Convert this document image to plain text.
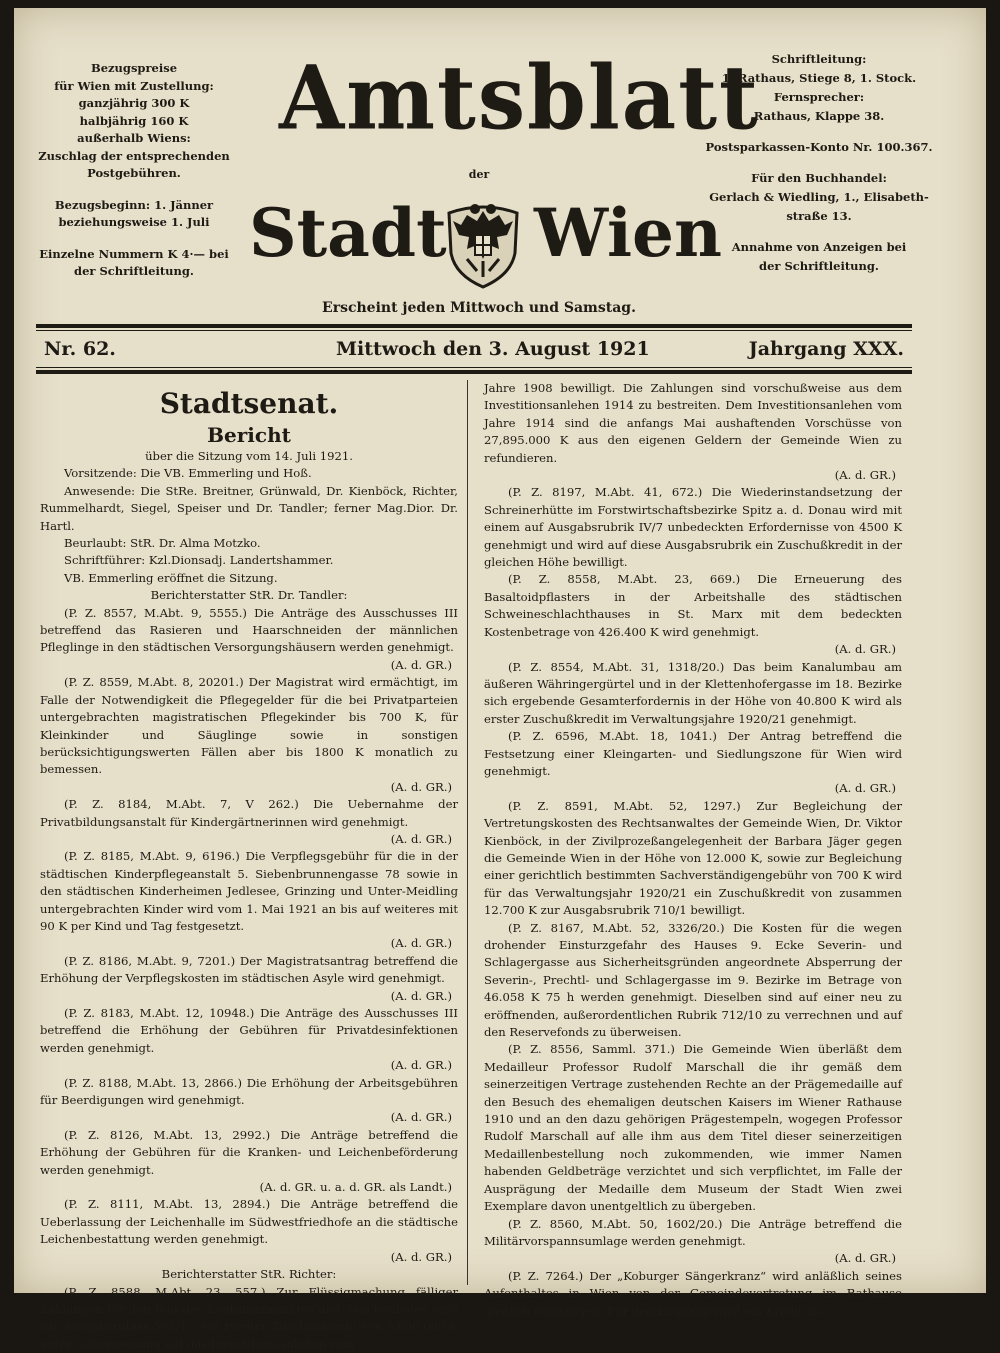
Bezugspreise

für Wien mit Zustellung:

ganzjährig 300 K

halbjährig 160 K

außerhalb Wiens:

Zuschlag der entsprechenden

Postgebühren.

Bezugsbeginn: 1. Jänner

beziehungsweise 1. Juli

Einzelne Nummern K 4·— bei

der Schriftleitung.

Amtsblatt
der
Stadt Wien
Erscheint jeden Mittwoch und Samstag.

Schriftleitung:

1. Rathaus, Stiege 8, 1. Stock.

Fernsprecher:

Rathaus, Klappe 38.

Postsparkassen-Konto Nr. 100.367.

Für den Buchhandel:

Gerlach & Wiedling, 1., Elisabeth-

straße 13.

Annahme von Anzeigen bei

der Schriftleitung.

Nr. 62.	Mittwoch den 3. August 1921	Jahrgang XXX.

Stadtsenat.

Bericht

über die Sitzung vom 14. Juli 1921.

Vorsitzende: Die VB. Emmerling und Hoß.

Anwesende: Die StRe. Breitner, Grünwald, Dr. Kienböck, Richter, Rummelhardt, Siegel, Speiser und Dr. Tandler; ferner Mag.Dior. Dr. Hartl.

Beurlaubt: StR. Dr. Alma Motzko.

Schriftführer: Kzl.Dionsadj. Landertshammer.

VB. Emmerling eröffnet die Sitzung.

Berichterstatter StR. Dr. Tandler:

(P. Z. 8557, M.Abt. 9, 5555.) Die Anträge des Ausschusses III betreffend das Rasieren und Haarschneiden der männlichen Pfleglinge in den städtischen Versorgungshäusern werden genehmigt.

(A. d. GR.)

(P. Z. 8559, M.Abt. 8, 20201.) Der Magistrat wird ermächtigt, im Falle der Notwendigkeit die Pflegegelder für die bei Privatparteien untergebrachten magistratischen Pflegekinder bis 700 K, für Kleinkinder und Säuglinge sowie in sonstigen berücksichtigungswerten Fällen aber bis 1800 K monatlich zu bemessen.

(A. d. GR.)

(P. Z. 8184, M.Abt. 7, V 262.) Die Uebernahme der Privatbildungsanstalt für Kindergärtnerinnen wird genehmigt.

(A. d. GR.)

(P. Z. 8185, M.Abt. 9, 6196.) Die Verpflegsgebühr für die in der städtischen Kinderpflegeanstalt 5. Siebenbrunnengasse 78 sowie in den städtischen Kinderheimen Jedlesee, Grinzing und Unter-Meidling untergebrachten Kinder wird vom 1. Mai 1921 an bis auf weiteres mit 90 K per Kind und Tag festgesetzt.

(A. d. GR.)

(P. Z. 8186, M.Abt. 9, 7201.) Der Magistratsantrag betreffend die Erhöhung der Verpflegskosten im städtischen Asyle wird genehmigt.

(A. d. GR.)

(P. Z. 8183, M.Abt. 12, 10948.) Die Anträge des Ausschusses III betreffend die Erhöhung der Gebühren für Privatdesinfektionen werden genehmigt.

(A. d. GR.)

(P. Z. 8188, M.Abt. 13, 2866.) Die Erhöhung der Arbeitsgebühren für Beerdigungen wird genehmigt.

(A. d. GR.)

(P. Z. 8126, M.Abt. 13, 2992.) Die Anträge betreffend die Erhöhung der Gebühren für die Kranken- und Leichenbeförderung werden genehmigt.

(A. d. GR. u. a. d. GR. als Landt.)

(P. Z. 8111, M.Abt. 13, 2894.) Die Anträge betreffend die Ueberlassung der Leichenhalle im Südwestfriedhofe an die städtische Leichenbestattung werden genehmigt.

(A. d. GR.)

Berichterstatter StR. Richter:

(P. Z. 8588, M.Abt. 23, 557.) Zur Flüssigmachung fälliger Zahlungen für den Bau des Kontumazmarktes und Seuchenhofes wird zur Ausgabsrubrik 503/1 c ein zweiter Zuschußkredit von 8,650.000 K unter Ueberweisung auf das Investitionsanlehen vom

Jahre 1908 bewilligt. Die Zahlungen sind vorschußweise aus dem Investitionsanlehen 1914 zu bestreiten. Dem Investitionsanlehen vom Jahre 1914 sind die anfangs Mai aushaftenden Vorschüsse von 27,895.000 K aus den eigenen Geldern der Gemeinde Wien zu refundieren.

(A. d. GR.)

(P. Z. 8197, M.Abt. 41, 672.) Die Wiederinstandsetzung der Schreinerhütte im Forstwirtschaftsbezirke Spitz a. d. Donau wird mit einem auf Ausgabsrubrik IV/7 unbedeckten Erfordernisse von 4500 K genehmigt und wird auf diese Ausgabsrubrik ein Zuschußkredit in der gleichen Höhe bewilligt.

(P. Z. 8558, M.Abt. 23, 669.) Die Erneuerung des Basaltoidpflasters in der Arbeitshalle des städtischen Schweineschlachthauses in St. Marx mit dem bedeckten Kostenbetrage von 426.400 K wird genehmigt.

(A. d. GR.)

(P. Z. 8554, M.Abt. 31, 1318/20.) Das beim Kanalumbau am äußeren Währingergürtel und in der Klettenhofergasse im 18. Bezirke sich ergebende Gesamterfordernis in der Höhe von 40.800 K wird als erster Zuschußkredit im Verwaltungsjahre 1920/21 genehmigt.

(P. Z. 6596, M.Abt. 18, 1041.) Der Antrag betreffend die Festsetzung einer Kleingarten- und Siedlungszone für Wien wird genehmigt.

(A. d. GR.)

(P. Z. 8591, M.Abt. 52, 1297.) Zur Begleichung der Vertretungskosten des Rechtsanwaltes der Gemeinde Wien, Dr. Viktor Kienböck, in der Zivilprozeßangelegenheit der Barbara Jäger gegen die Gemeinde Wien in der Höhe von 12.000 K, sowie zur Begleichung einer gerichtlich bestimmten Sachverständigengebühr von 700 K wird für das Verwaltungsjahr 1920/21 ein Zuschußkredit von zusammen 12.700 K zur Ausgabsrubrik 710/1 bewilligt.

(P. Z. 8167, M.Abt. 52, 3326/20.) Die Kosten für die wegen drohender Einsturzgefahr des Hauses 9. Ecke Severin- und Schlagergasse aus Sicherheitsgründen angeordnete Absperrung der Severin-, Prechtl- und Schlagergasse im 9. Bezirke im Betrage von 46.058 K 75 h werden genehmigt. Dieselben sind auf einer neu zu eröffnenden, außerordentlichen Rubrik 712/10 zu verrechnen und auf den Reservefonds zu überweisen.

(P. Z. 8556, Samml. 371.) Die Gemeinde Wien überläßt dem Medailleur Professor Rudolf Marschall die ihr gemäß dem seinerzeitigen Vertrage zustehenden Rechte an der Prägemedaille auf den Besuch des ehemaligen deutschen Kaisers im Wiener Rathause 1910 und an den dazu gehörigen Prägestempeln, wogegen Professor Rudolf Marschall auf alle ihm aus dem Titel dieser seinerzeitigen Medaillenbestellung noch zukommenden, wie immer Namen habenden Geldbeträge verzichtet und sich verpflichtet, im Falle der Ausprägung der Medaille dem Museum der Stadt Wien zwei Exemplare davon unentgeltlich zu übergeben.

(P. Z. 8560, M.Abt. 50, 1602/20.) Die Anträge betreffend die Militärvorspannsumlage werden genehmigt.

(A. d. GR.)

(P. Z. 7264.) Der „Koburger Sängerkranz“ wird anläßlich seines Aufenthaltes in Wien von der Gemeindevertretung im Rathause gastlich empfangen. Für den Empfang wird ein Kredit im
